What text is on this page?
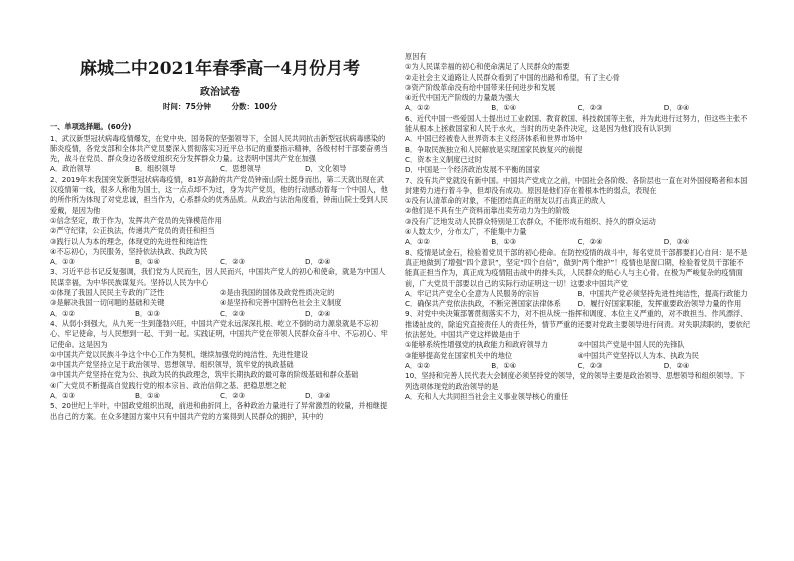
麻城二中2021年春季高一4月份月考
政治试卷
时间：75分钟	分数：100分
一、单项选择题。(60分)
1、武汉新型冠状病毒疫情爆发，在党中央、国务院的坚强领导下，全国人民共同抗击新型冠状病毒感染的肺炎疫情，各党支部和全体共产党员要深入贯彻落实习近平总书记的重要指示精神，各级村村干部要奋勇当先，战斗在党员、群众身边各级党组织充分发挥群众力量。这表明中国共产党在加强
A．政治领导	B．组织领导	C．思想领导	D．文化领导
2、2019年末我国突发新型冠状病毒疫情，81岁高龄的共产党员钟南山院士挺身而出，第二天就出现在武汉疫情第一线，很多人称他为国士，这一点点却不为过，身为共产党员，他的行动感动着每一个中国人，他的所作所为体现了对党忠诚，担当作为，心系群众的优秀品质。从政治与法治角度看，钟南山院士受到人民爱戴，是因为他
①信念坚定，敢于作为，发挥共产党员的先锋模范作用
②严守纪律，公正执法，传递共产党员的责任和担当
③践行以人为本的理念，体现党的先进性和纯洁性
④不忘初心，为民服务，坚持依法执政、执政为民
A．①③	B．①④	C．②③	D．②④
3、习近平总书记反复强调，我们党为人民而生，因人民而兴，中国共产党人的初心和使命，就是为中国人民谋幸福，为中华民族谋复兴。坚持以人民为中心
①体现了我国人民民主专政的广泛性	②是由我国的国体及政党性质决定的
③是解决我国一切问题的基础和关键	④是坚持和完善中国特色社会主义制度
A．①②	B．①③	C．②③	D．②④
4、从弱小到强大，从九死一生到蓬勃兴旺，中国共产党永远深深扎根、屹立不倒的动力源泉就是不忘初心、牢记使命，与人民想到一起、干到一起。实践证明，中国共产党在带领人民群众奋斗中、不忘初心、牢记使命。这是因为
①中国共产党以民族斗争这个中心工作为契机，继续加强党的纯洁性、先进性建设
②中国共产党坚持立足于政治领导、思想领导、组织领导，筑牢党的执政基础
③中国共产党坚持在党为公、执政为民的执政理念，筑牢长期执政的最可靠的阶级基础和群众基础
④广大党员不断提高自觉践行党的根本宗旨、政治信仰之基、把稳思想之舵
A．①③	B．①④	C．②③	D．③④
5、20世纪上半叶，中国政党组织出现，前进和曲折同上，各种政治力量进行了异常激烈的较量，并相继提出自己的方案。在众多建国方案中只有中国共产党的方案得到人民群众的拥护，其中的
原因有
①为人民谋幸福的初心和使命满足了人民群众的需要
②走社会主义道路让人民群众看到了中国的出路和希望，有了主心骨
③资产阶级革命没有给中国带来任何进步和发展
④近代中国无产阶级的力量最为强大
A．①②	B．①④	C．②③	D．③④
6、近代中国一些爱国人士提出过工业救国、教育救国、科技救国等主张，并为此进行过努力，但这些主张不能从根本上拯救国家和人民于水火，当时的历史条件决定，这是因为他们没有认识到
A．中国已经被卷入世界资本主义经济体系和世界市场中
B．争取民族独立和人民解放是实现国家民族复兴的前提
C．资本主义制度已过时
D．中国是一个经济政治发展不平衡的国家
7、没有共产党就没有新中国。中国共产党成立之前，中国社会各阶级、各阶层也一直在对外国侵略者和本国封建势力进行着斗争，但却没有成功。原因是他们存在着根本性的弱点，表现在
①没有认清革命的对象，不能团结真正的朋友以打击真正的敌人
②他们是不具有生产资料而靠出卖劳动力为生的阶级
③没有广泛地发动人民群众特别是工农群众，不能形成有组织、持久的群众运动
④人数太少，分布太广，不能集中力量
A．①②	B．①③	C．②④	D．③④
8、疫情是试金石，检验着党员干部的初心使命。在防控疫情的战斗中，每名党员干部都要扪心自问：是不是真正地做到了增强“四个意识”，坚定“四个自信”，做到“两个维护”！疫情也是窗口期，检验着党员干部能不能真正担当作为，真正成为疫情阻击战中的排头兵，人民群众的贴心人与主心骨。在极为严峻复杂的疫情面前，广大党员干部要以自己的实际行动证明这一切！这要求中国共产党
A．牢记共产党全心全意为人民服务的宗旨	B．中国共产党必须坚持先进性纯洁性，提高行政能力
C．确保共产党依法执政，不断完善国家法律体系	D．履行好国家职能，发挥重要政治领导力量的作用
9、对党中央决策部署贯彻落实不力，对不担从统一指挥和调度、本位主义严重的，对不敢担当、作风漂浮、推诿扯皮的，除追究直接责任人的责任外，情节严重的还要对党政主要领导进行问责。对失职渎职的，要依纪依法惩处。中国共产党这样做是由于
①能够系统性增强党的执政能力和政府领导力	②中国共产党是中国人民的先锋队
③能够提高党在国家机关中的地位	④中国共产党坚持以人为本、执政为民
A．①②	B．①④	C．②③	D．②④
10、坚持和完善人民代表大会制度必须坚持党的领导，党的领导主要是政治领导、思想领导和组织领导。下列选项体现党的政治领导的是
A．充和人大共同担当社会主义事业领导核心的重任
